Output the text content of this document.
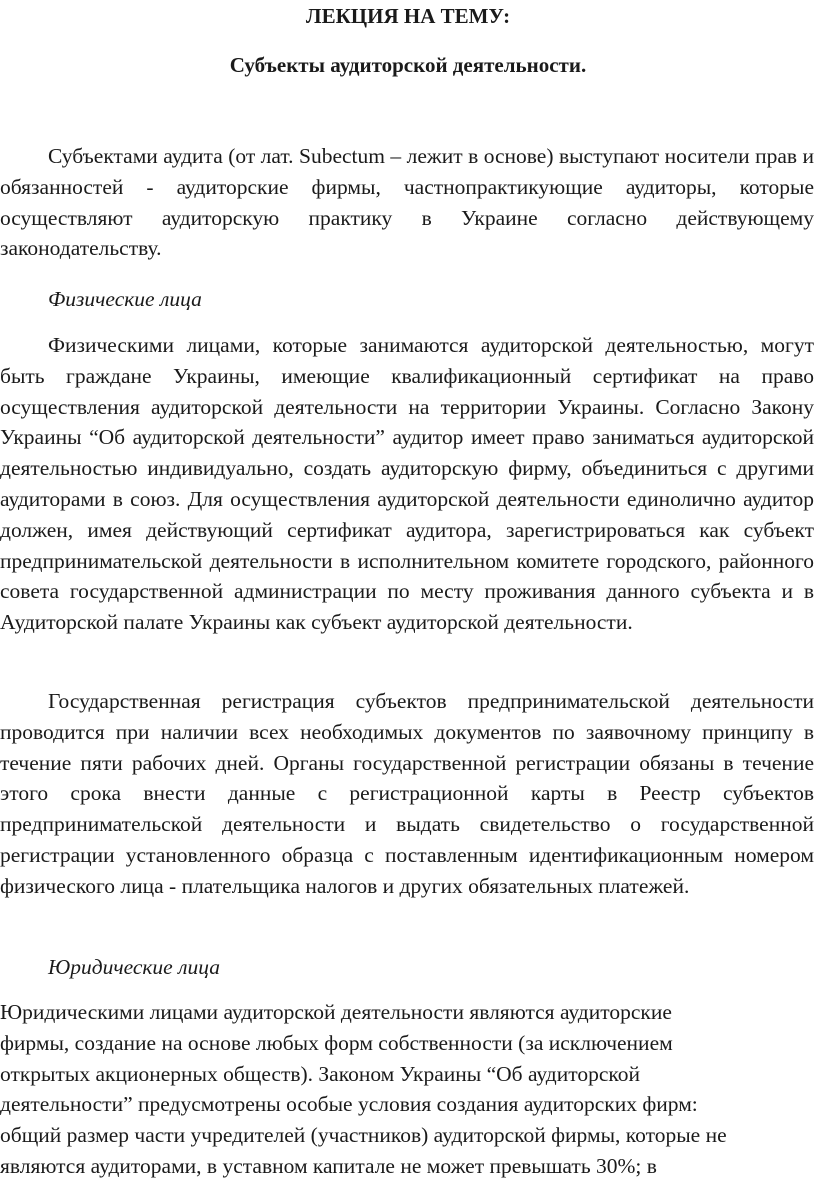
ЛЕКЦИЯ НА ТЕМУ:
Субъекты аудиторской деятельности.

Субъектами аудита (от лат. Subectum – лежит в основе) выступают носители прав и обязанностей - аудиторские фирмы, частнопрактикующие аудиторы, которые осуществляют аудиторскую практику в Украине согласно действующему законодательству.

Физические лица

Физическими лицами, которые занимаются аудиторской деятельностью, могут быть граждане Украины, имеющие квалификационный сертификат на право осуществления аудиторской деятельности на территории Украины. Согласно Закону Украины “Об аудиторской деятельности” аудитор имеет право заниматься аудиторской деятельностью индивидуально, создать аудиторскую фирму, объединиться с другими аудиторами в союз. Для осуществления аудиторской деятельности единолично аудитор должен, имея действующий сертификат аудитора, зарегистрироваться как субъект предпринимательской деятельности в исполнительном комитете городского, районного совета государственной администрации по месту проживания данного субъекта и в Аудиторской палате Украины как субъект аудиторской деятельности.

Государственная регистрация субъектов предпринимательской деятельности проводится при наличии всех необходимых документов по заявочному принципу в течение пяти рабочих дней. Органы государственной регистрации обязаны в течение этого срока внести данные с регистрационной карты в Реестр субъектов предпринимательской деятельности и выдать свидетельство о государственной регистрации установленного образца с поставленным идентификационным номером физического лица - плательщика налогов и других обязательных платежей.

Юридические лица

Юридическими лицами аудиторской деятельности являются аудиторские фирмы, создание на основе любых форм собственности (за исключением открытых акционерных обществ). Законом Украины “Об аудиторской деятельности” предусмотрены особые условия создания аудиторских фирм: общий размер части учредителей (участников) аудиторской фирмы, которые не являются аудиторами, в уставном капитале не может превышать 30%; в
